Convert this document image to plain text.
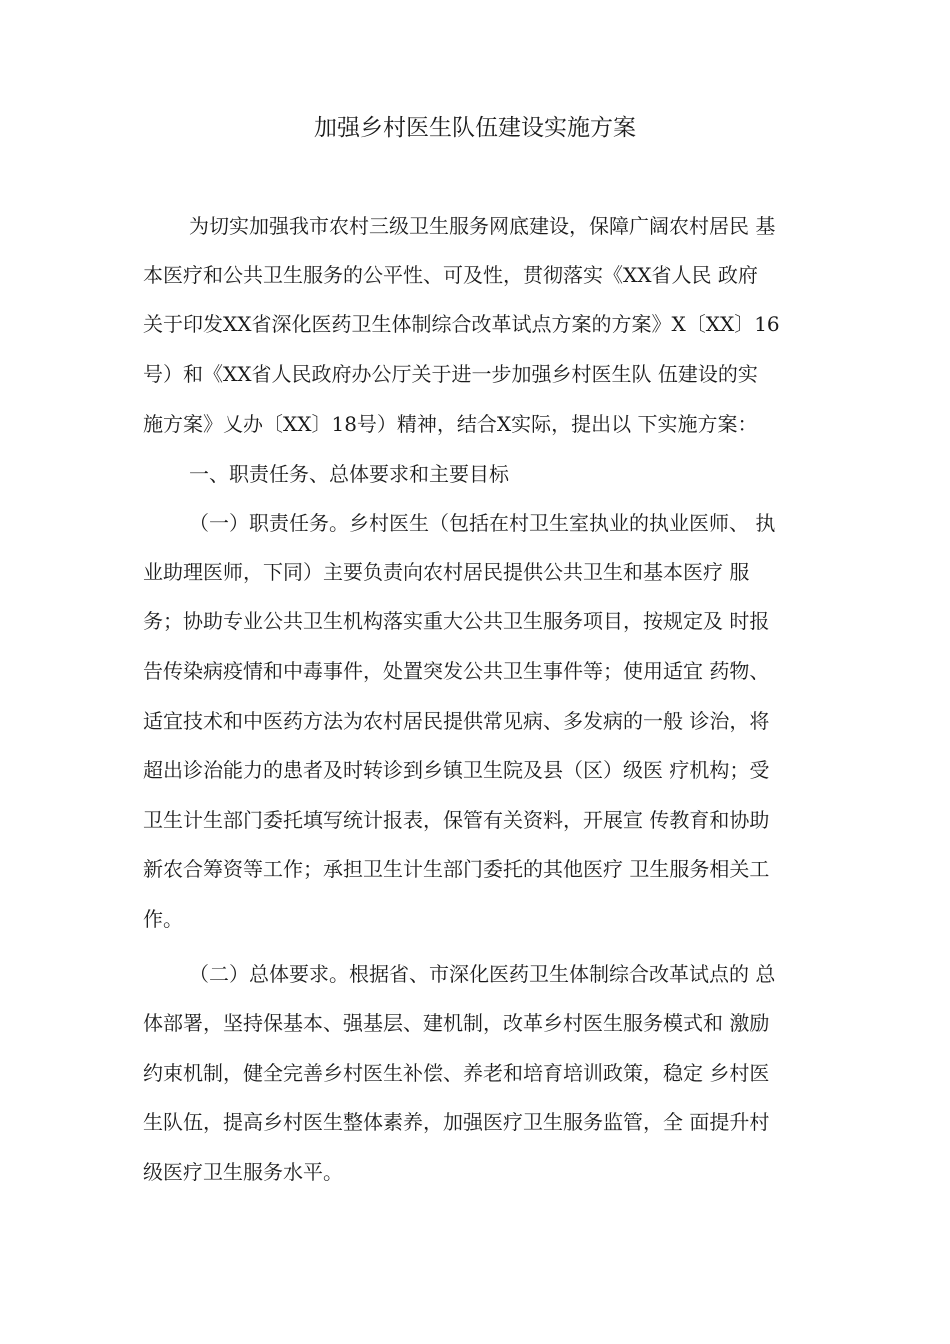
加强乡村医生队伍建设实施方案
为切实加强我市农村三级卫生服务网底建设，保障广阔农村居民 基
本医疗和公共卫生服务的公平性、可及性，贯彻落实《XX省人民 政府
关于印发XX省深化医药卫生体制综合改革试点方案的方案》X〔XX〕16
号）和《XX省人民政府办公厅关于进一步加强乡村医生队 伍建设的实
施方案》乂办〔XX〕18号）精神，结合X实际，提出以 下实施方案：
一、职责任务、总体要求和主要目标
（一）职责任务。乡村医生（包括在村卫生室执业的执业医师、 执
业助理医师，下同）主要负责向农村居民提供公共卫生和基本医疗 服
务；协助专业公共卫生机构落实重大公共卫生服务项目，按规定及 时报
告传染病疫情和中毒事件，处置突发公共卫生事件等；使用适宜 药物、
适宜技术和中医药方法为农村居民提供常见病、多发病的一般 诊治，将
超出诊治能力的患者及时转诊到乡镇卫生院及县（区）级医 疗机构；受
卫生计生部门委托填写统计报表，保管有关资料，开展宣 传教育和协助
新农合筹资等工作；承担卫生计生部门委托的其他医疗 卫生服务相关工
作。
（二）总体要求。根据省、市深化医药卫生体制综合改革试点的 总
体部署，坚持保基本、强基层、建机制，改革乡村医生服务模式和 激励
约束机制，健全完善乡村医生补偿、养老和培育培训政策，稳定 乡村医
生队伍，提高乡村医生整体素养，加强医疗卫生服务监管，全 面提升村
级医疗卫生服务水平。
